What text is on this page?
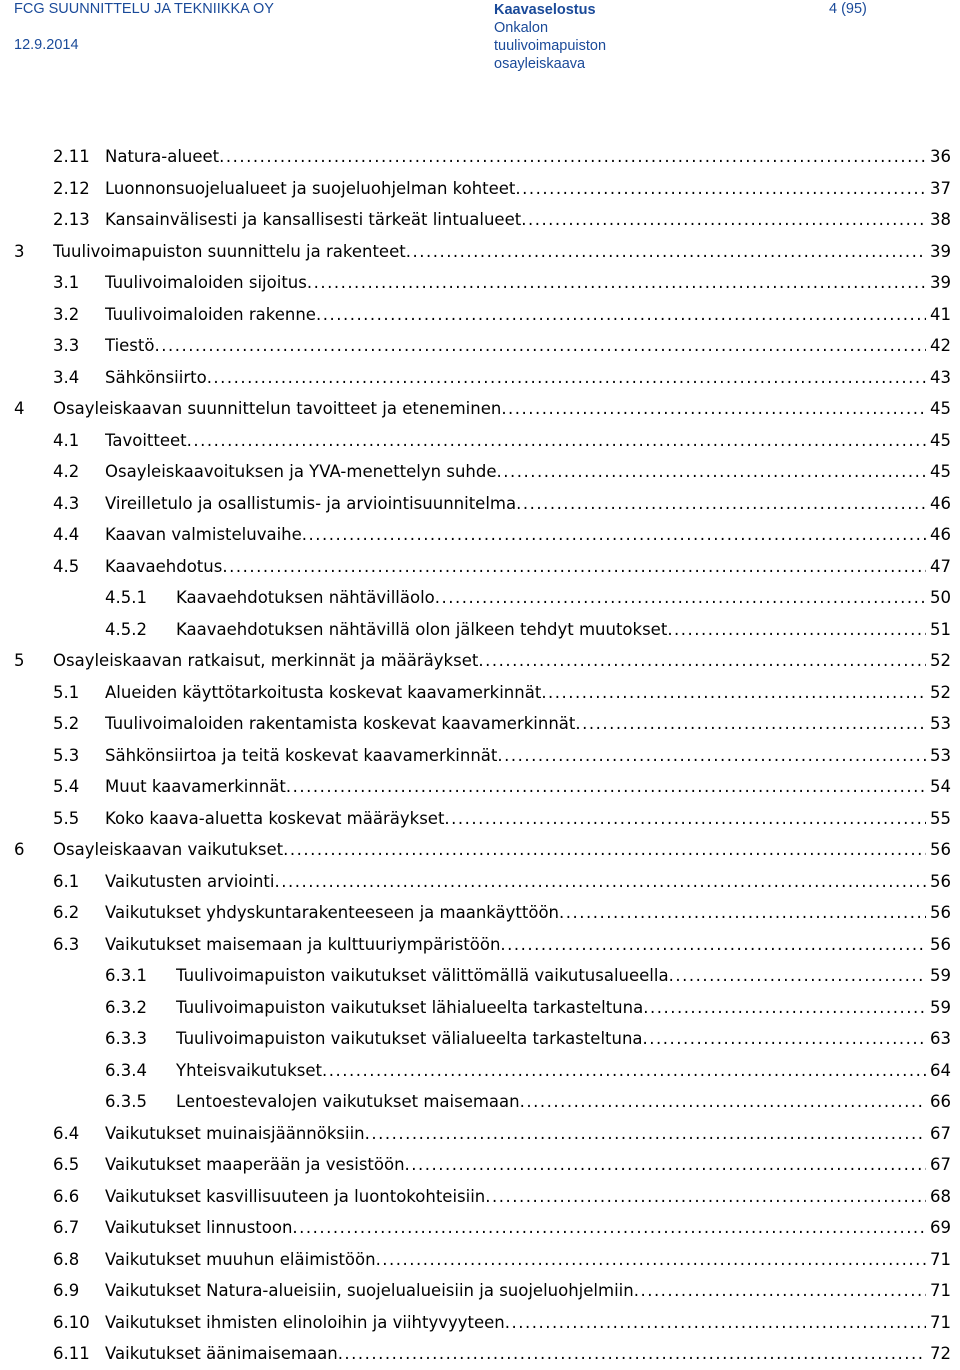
FCG SUUNNITTELU JA TEKNIIKKA OY
12.9.2014
Kaavaselostus
Onkalon
tuulivoimapuiston
osayleiskaava
4 (95)
2.11 Natura-alueet .....	36
2.12 Luonnonsuojelualueet ja suojeluohjelman kohteet .....	37
2.13 Kansainvälisesti ja kansallisesti tärkeät lintualueet .....	38
3 Tuulivoimapuiston suunnittelu ja rakenteet .....	39
3.1 Tuulivoimaloiden sijoitus .....	39
3.2 Tuulivoimaloiden rakenne .....	41
3.3 Tiestö .....	42
3.4 Sähkönsiirto .....	43
4 Osayleiskaavan suunnittelun tavoitteet ja eteneminen .....	45
4.1 Tavoitteet .....	45
4.2 Osayleiskaavoituksen ja YVA-menettelyn suhde .....	45
4.3 Vireilletulo ja osallistumis- ja arviointisuunnitelma .....	46
4.4 Kaavan valmisteluvaihe .....	46
4.5 Kaavaehdotus .....	47
4.5.1 Kaavaehdotuksen nähtävilläolo .....	50
4.5.2 Kaavaehdotuksen nähtävillä olon jälkeen tehdyt muutokset .....	51
5 Osayleiskaavan ratkaisut, merkinnät ja määräykset .....	52
5.1 Alueiden käyttötarkoitusta koskevat kaavamerkinnät .....	52
5.2 Tuulivoimaloiden rakentamista koskevat kaavamerkinnät .....	53
5.3 Sähkönsiirtoa ja teitä koskevat kaavamerkinnät .....	53
5.4 Muut kaavamerkinnät .....	54
5.5 Koko kaava-aluetta koskevat määräykset .....	55
6 Osayleiskaavan vaikutukset .....	56
6.1 Vaikutusten arviointi .....	56
6.2 Vaikutukset yhdyskuntarakenteeseen ja maankäyttöön .....	56
6.3 Vaikutukset maisemaan ja kulttuuriympäristöön .....	56
6.3.1 Tuulivoimapuiston vaikutukset välittömällä vaikutusalueella .....	59
6.3.2 Tuulivoimapuiston vaikutukset lähialueelta tarkasteltuna .....	59
6.3.3 Tuulivoimapuiston vaikutukset välialueelta tarkasteltuna .....	63
6.3.4 Yhteisvaikutukset .....	64
6.3.5 Lentoestevalojen vaikutukset maisemaan .....	66
6.4 Vaikutukset muinaisjäännöksiin .....	67
6.5 Vaikutukset maaperään ja vesistöön .....	67
6.6 Vaikutukset kasvillisuuteen ja luontokohteisiin .....	68
6.7 Vaikutukset linnustoon .....	69
6.8 Vaikutukset muuhun eläimistöön .....	71
6.9 Vaikutukset Natura-alueisiin, suojelualueisiin ja suojeluohjelmiin .....	71
6.10 Vaikutukset ihmisten elinoloihin ja viihtyvyyteen .....	71
6.11 Vaikutukset äänimaisemaan .....	72
